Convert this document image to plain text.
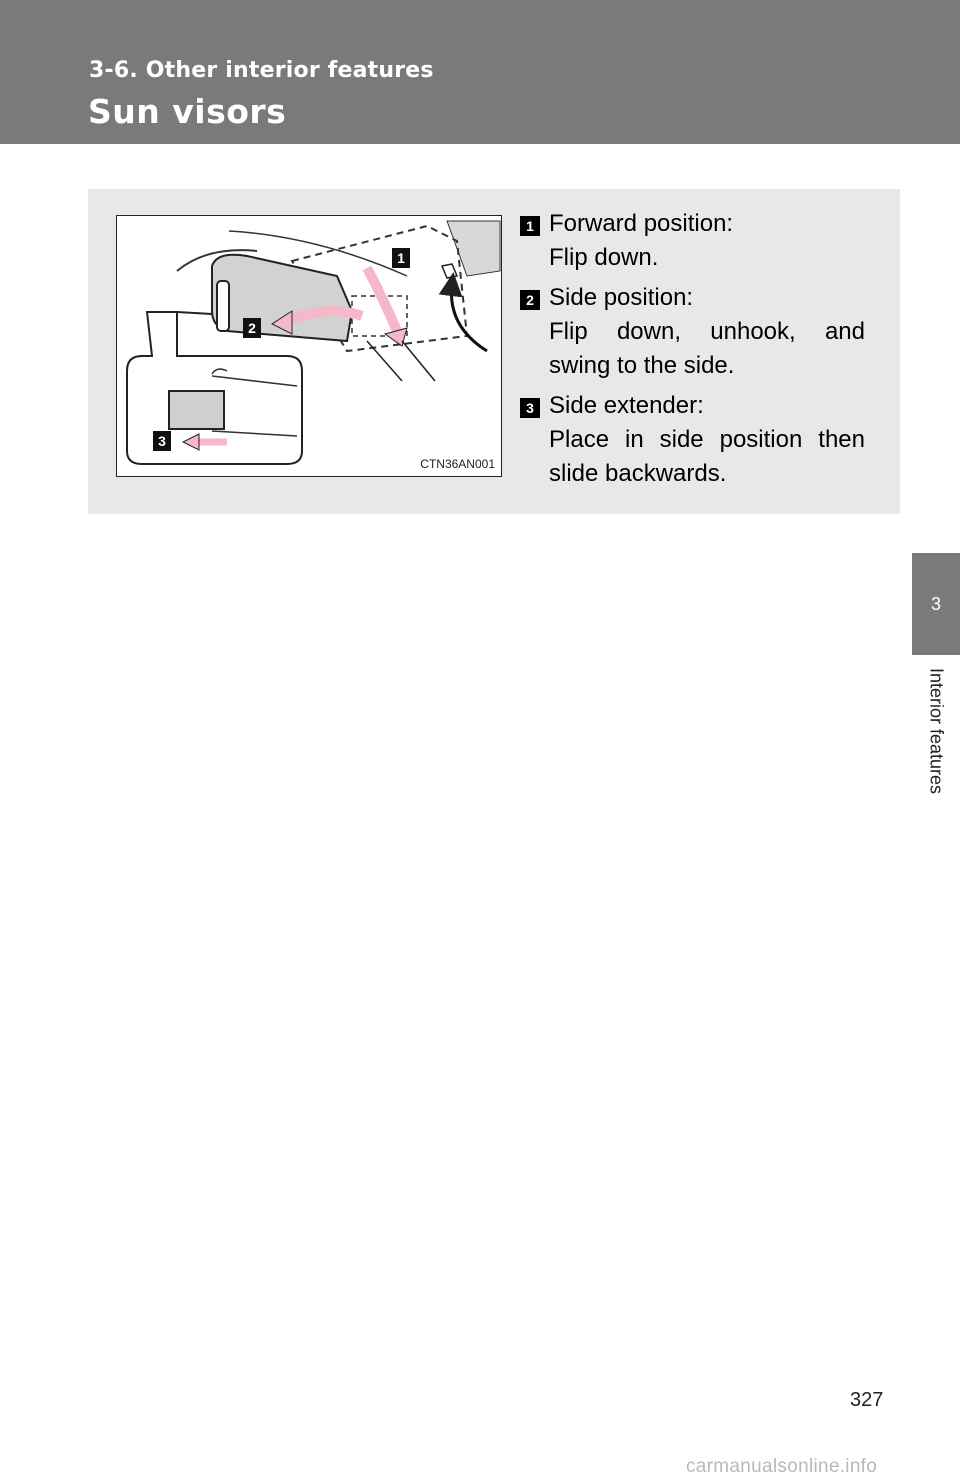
3-6. Other interior features
Sun visors
3
Interior features
1
2
3
CTN36AN001
1 Forward position:
Flip down.
2 Side position:
Flip down, unhook, and swing to the side.
3 Side extender:
Place in side position then slide backwards.
327
carmanualsonline.info
